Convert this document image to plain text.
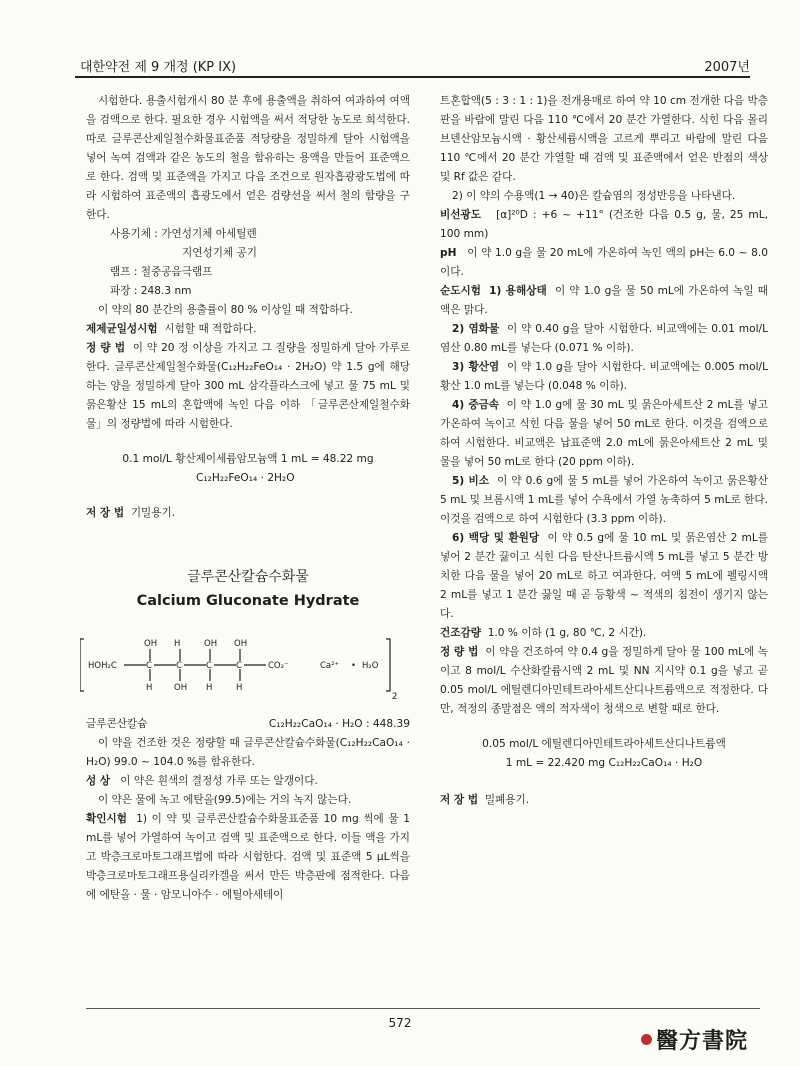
대한약전 제 9 개정 (KP IX)	2007년

시험한다. 용출시험개시 80 분 후에 용출액을 취하여 여과하여 여액을 검액으로 한다. 필요한 경우 시험액을 써서 적당한 농도로 희석한다. 따로 글루콘산제일철수화물표준품 적당량을 정밀하게 달아 시험액을 넣어 녹여 검액과 같은 농도의 철을 함유하는 용액을 만들어 표준액으로 한다. 검액 및 표준액을 가지고 다음 조건으로 원자흡광광도법에 따라 시험하여 표준액의 흡광도에서 얻은 검량선을 써서 철의 함량을 구한다.

사용기체 : 가연성기체 아세틸렌

지연성기체 공기

램프 : 철중공음극램프

파장 : 248.3 nm

이 약의 80 분간의 용출률이 80 % 이상일 때 적합하다.

제제균일성시험 시험할 때 적합하다.

정 량 법 이 약 20 정 이상을 가지고 그 질량을 정밀하게 달아 가루로 한다. 글루콘산제일철수화물(C₁₂H₂₂FeO₁₄ · 2H₂O) 약 1.5 g에 해당하는 양을 정밀하게 달아 300 mL 삼각플라스크에 넣고 물 75 mL 및 묽은황산 15 mL의 혼합액에 녹인 다음 이하 「글루콘산제일철수화물」의 정량법에 따라 시험한다.

0.1 mol/L 황산제이세륨암모늄액 1 mL = 48.22 mg

C₁₂H₂₂FeO₁₄ · 2H₂O

저 장 법 기밀용기.

글루콘산칼슘수화물
Calcium Gluconate Hydrate
HOH₂C
OH
C
H
H
C
OH
OH
C
H
OH
C
H
CO₂⁻	Ca²⁺ • H₂O
2

글루콘산칼슘	C₁₂H₂₂CaO₁₄ · H₂O : 448.39

이 약을 건조한 것은 정량할 때 글루콘산칼슘수화물(C₁₂H₂₂CaO₁₄ · H₂O) 99.0 ~ 104.0 %를 함유한다.

성 상 이 약은 흰색의 결정성 가루 또는 알갱이다.

이 약은 물에 녹고 에탄올(99.5)에는 거의 녹지 않는다.

확인시험 1) 이 약 및 글루콘산칼슘수화물표준품 10 mg 씩에 물 1 mL를 넣어 가열하여 녹이고 검액 및 표준액으로 한다. 이들 액을 가지고 박층크로마토그래프법에 따라 시험한다. 검액 및 표준액 5 μL씩을 박층크로마토그래프용실리카겔을 써서 만든 박층판에 점적한다. 다음에 에탄올 · 물 · 암모니아수 · 에틸아세테이

트혼합액(5 : 3 : 1 : 1)을 전개용매로 하여 약 10 cm 전개한 다음 박층판을 바람에 말린 다음 110 ℃에서 20 분간 가열한다. 식힌 다음 몰리브덴산암모늄시액 · 황산세륨시액을 고르게 뿌리고 바람에 말린 다음 110 ℃에서 20 분간 가열할 때 검액 및 표준액에서 얻은 반점의 색상 및 Rf 값은 같다.

2) 이 약의 수용액(1 → 40)은 칼슘염의 정성반응을 나타낸다.

비선광도 [α]²⁰D : +6 ~ +11° (건조한 다음 0.5 g, 물, 25 mL, 100 mm)

pH 이 약 1.0 g을 물 20 mL에 가온하여 녹인 액의 pH는 6.0 ~ 8.0 이다.

순도시험 1) 용해상태 이 약 1.0 g을 물 50 mL에 가온하여 녹일 때 액은 맑다.

2) 염화물 이 약 0.40 g을 달아 시험한다. 비교액에는 0.01 mol/L 염산 0.80 mL를 넣는다 (0.071 % 이하).

3) 황산염 이 약 1.0 g을 달아 시험한다. 비교액에는 0.005 mol/L 황산 1.0 mL를 넣는다 (0.048 % 이하).

4) 중금속 이 약 1.0 g에 물 30 mL 및 묽은아세트산 2 mL를 넣고 가온하여 녹이고 식힌 다음 물을 넣어 50 mL로 한다. 이것을 검액으로 하여 시험한다. 비교액은 납표준액 2.0 mL에 묽은아세트산 2 mL 및 물을 넣어 50 mL로 한다 (20 ppm 이하).

5) 비소 이 약 0.6 g에 물 5 mL를 넣어 가온하여 녹이고 묽은황산 5 mL 및 브롬시액 1 mL를 넣어 수욕에서 가열 농축하여 5 mL로 한다. 이것을 검액으로 하여 시험한다 (3.3 ppm 이하).

6) 백당 및 환원당 이 약 0.5 g에 물 10 mL 및 묽은염산 2 mL를 넣어 2 분간 끓이고 식힌 다음 탄산나트륨시액 5 mL를 넣고 5 분간 방치한 다음 물을 넣어 20 mL로 하고 여과한다. 여액 5 mL에 펠링시액 2 mL를 넣고 1 분간 끓일 때 곧 등황색 ~ 적색의 침전이 생기지 않는다.

건조감량 1.0 % 이하 (1 g, 80 ℃, 2 시간).

정 량 법 이 약을 건조하여 약 0.4 g을 정밀하게 달아 물 100 mL에 녹이고 8 mol/L 수산화칼륨시액 2 mL 및 NN 지시약 0.1 g을 넣고 곧 0.05 mol/L 에틸렌디아민테트라아세트산디나트륨액으로 적정한다. 다만, 적정의 종말점은 액의 적자색이 청색으로 변할 때로 한다.

0.05 mol/L 에틸렌디아민테트라아세트산디나트륨액

1 mL = 22.420 mg C₁₂H₂₂CaO₁₄ · H₂O

저 장 법 밀폐용기.

572
醫方書院
